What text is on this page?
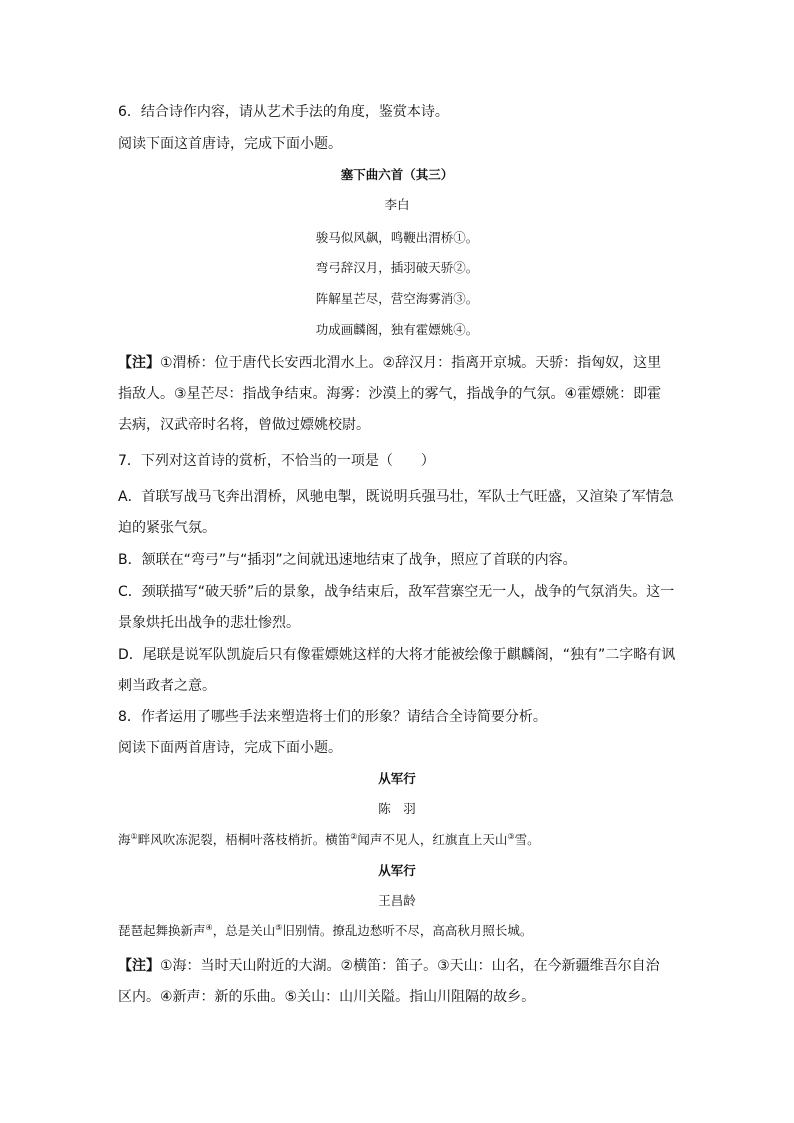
6．结合诗作内容，请从艺术手法的角度，鉴赏本诗。
阅读下面这首唐诗，完成下面小题。
塞下曲六首（其三）
李白
骏马似风飙，鸣鞭出渭桥①。
弯弓辞汉月，插羽破天骄②。
阵解星芒尽，营空海雾消③。
功成画麟阁，独有霍嫖姚④。
【注】①渭桥：位于唐代长安西北渭水上。②辞汉月：指离开京城。天骄：指匈奴，这里
指敌人。③星芒尽：指战争结束。海雾：沙漠上的雾气，指战争的气氛。④霍嫖姚：即霍
去病，汉武帝时名将，曾做过嫖姚校尉。
7．下列对这首诗的赏析，不恰当的一项是（　　）
A．首联写战马飞奔出渭桥，风驰电掣，既说明兵强马壮，军队士气旺盛，又渲染了军情急
迫的紧张气氛。
B．颔联在“弯弓”与“插羽”之间就迅速地结束了战争，照应了首联的内容。
C．颈联描写“破天骄”后的景象，战争结束后，敌军营寨空无一人，战争的气氛消失。这一
景象烘托出战争的悲壮惨烈。
D．尾联是说军队凯旋后只有像霍嫖姚这样的大将才能被绘像于麒麟阁，“独有”二字略有讽
刺当政者之意。
8．作者运用了哪些手法来塑造将士们的形象？请结合全诗简要分析。
阅读下面两首唐诗，完成下面小题。
从军行
陈　羽
海①畔风吹冻泥裂，梧桐叶落枝梢折。横笛②闻声不见人，红旗直上天山③雪。
从军行
王昌龄
琵琶起舞换新声④，总是关山⑤旧别情。撩乱边愁听不尽，高高秋月照长城。
【注】①海：当时天山附近的大湖。②横笛：笛子。③天山：山名，在今新疆维吾尔自治
区内。④新声：新的乐曲。⑤关山：山川关隘。指山川阻隔的故乡。
